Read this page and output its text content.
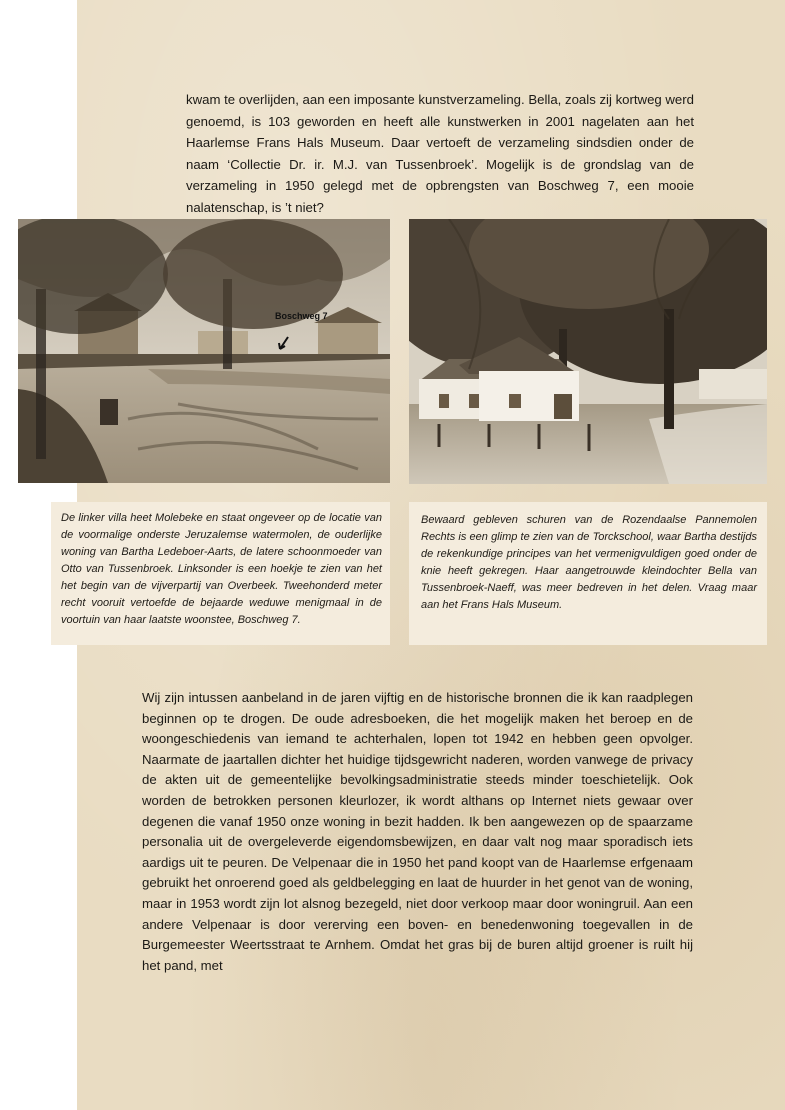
kwam te overlijden, aan een imposante kunstverzameling. Bella, zoals zij kortweg werd genoemd, is 103 geworden en heeft alle kunstwerken in 2001 nagelaten aan het Haarlemse Frans Hals Museum. Daar vertoeft de verzameling sindsdien onder de naam ‘Collectie Dr. ir. M.J. van Tussenbroek’. Mogelijk is de grondslag van de verzameling in 1950 gelegd met de opbrengsten van Boschweg 7, een mooie nalatenschap, is ’t niet?

Boschweg 7

De linker villa heet Molebeke en staat ongeveer op de locatie van de voormalige onderste Jeruzalemse watermolen, de ouderlijke woning van Bartha Ledeboer-Aarts, de latere schoonmoeder van Otto van Tussenbroek. Linksonder is een hoekje te zien van het het begin van de vijverpartij van Overbeek. Tweehonderd meter recht vooruit vertoefde de bejaarde weduwe menigmaal in de voortuin van haar laatste woonstee, Boschweg 7.

Bewaard gebleven schuren van de Rozendaalse Pannemolen Rechts is een glimp te zien van de Torckschool, waar Bartha destijds de rekenkundige principes van het vermenigvuldigen goed onder de knie heeft gekregen. Haar aangetrouwde kleindochter Bella van Tussenbroek-Naeff, was meer bedreven in het delen. Vraag maar aan het Frans Hals Museum.

Wij zijn intussen aanbeland in de jaren vijftig en de historische bronnen die ik kan raadplegen beginnen op te drogen. De oude adresboeken, die het mogelijk maken het beroep en de woongeschiedenis van iemand te achterhalen, lopen tot 1942 en hebben geen opvolger. Naarmate de jaartallen dichter het huidige tijdsgewricht naderen, worden vanwege de privacy de akten uit de gemeentelijke bevolkingsadministratie steeds minder toeschietelijk. Ook worden de betrokken personen kleurlozer, ik wordt althans op Internet niets gewaar over degenen die vanaf 1950 onze woning in bezit hadden. Ik ben aangewezen op de spaarzame personalia uit de overgeleverde eigendomsbewijzen, en daar valt nog maar sporadisch iets aardigs uit te peuren. De Velpenaar die in 1950 het pand koopt van de Haarlemse erfgenaam gebruikt het onroerend goed als geldbelegging en laat de huurder in het genot van de woning, maar in 1953 wordt zijn lot alsnog bezegeld, niet door verkoop maar door woningruil. Aan een andere Velpenaar is door vererving een boven- en benedenwoning toegevallen in de Burgemeester Weertsstraat te Arnhem. Omdat het gras bij de buren altijd groener is ruilt hij het pand, met
